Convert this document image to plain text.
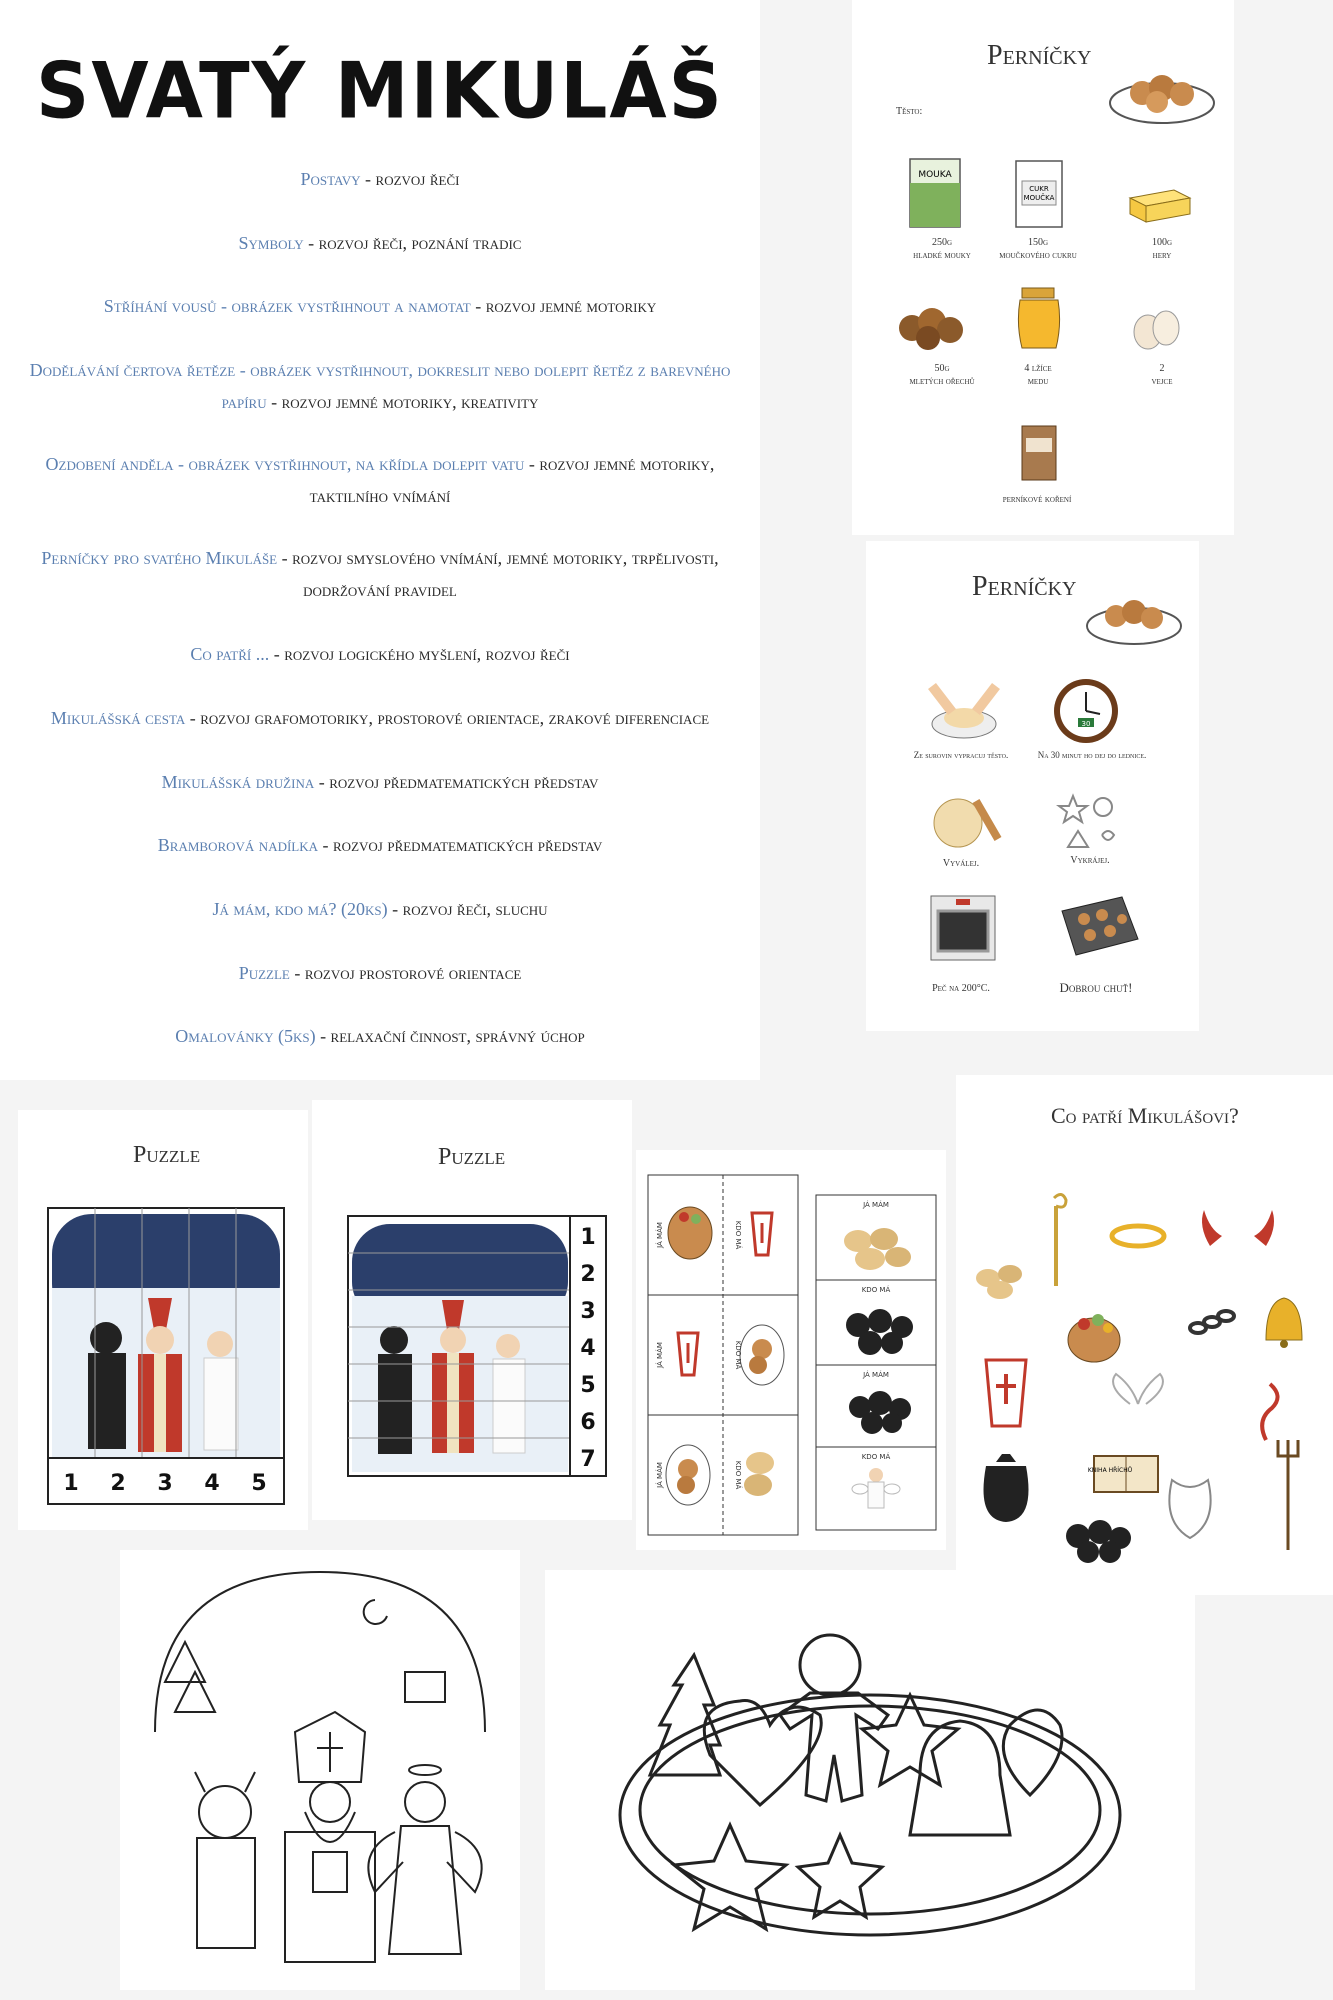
SVATÝ MIKULÁŠ
Postavy - rozvoj řeči
Symboly - rozvoj řeči, poznání tradic
Stříhání vousů - obrázek vystřihnout a namotat - rozvoj jemné motoriky
Dodělávání čertova řetěze - obrázek vystřihnout, dokreslit nebo dolepit řetěz z barevného papíru - rozvoj jemné motoriky, kreativity
Ozdobení anděla - obrázek vystřihnout, na křídla dolepit vatu - rozvoj jemné motoriky, taktilního vnímání
Perníčky pro svatého Mikuláše - rozvoj smyslového vnímání, jemné motoriky, trpělivosti, dodržování pravidel
Co patří ... - rozvoj logického myšlení, rozvoj řeči
Mikulášská cesta - rozvoj grafomotoriky, prostorové orientace, zrakové diferenciace
Mikulášská družina - rozvoj předmatematických představ
Bramborová nadílka - rozvoj předmatematických představ
Já mám, kdo má? (20ks) - rozvoj řeči, sluchu
Puzzle - rozvoj prostorové orientace
Omalovánky (5ks) - relaxační činnost, správný úchop
Perníčky
Těsto:
MOUKA
CUKR
MOUČKA
250g
hladké mouky
150g
moučkového cukru
100g
hery
50g
mletých ořechů
4 lžíce
medu
2
vejce
perníkové koření
Perníčky
30
Ze surovin vypracuj těsto.	Na 30 minut ho dej do lednice.
Vyválej.	Vykrájej.
Peč na 200°C.	Dobrou chuť!
Puzzle
1 2 3 4 5
Puzzle
1
2
3
4
5
6
7
JÁ MÁM	KDO MÁ
JÁ MÁM	KDO MÁ
JÁ MÁM	KDO MÁ
JÁ MÁM
KDO MÁ
JÁ MÁM
KDO MÁ
Co patří Mikulášovi?
KNIHA HŘÍCHŮ
